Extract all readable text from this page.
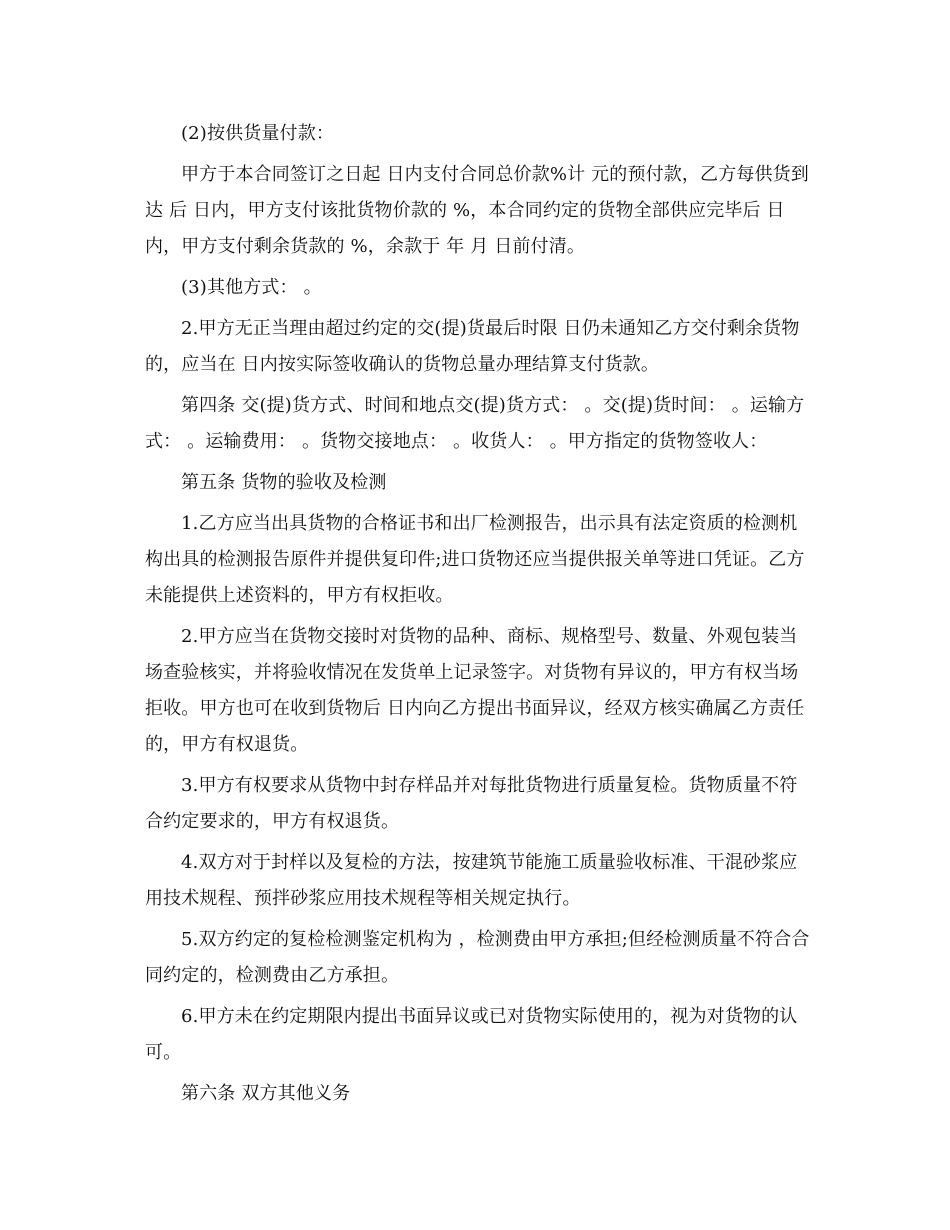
(2)按供货量付款：

甲方于本合同签订之日起 日内支付合同总价款%计 元的预付款，乙方每供货到达 后 日内，甲方支付该批货物价款的 %，本合同约定的货物全部供应完毕后 日内，甲方支付剩余货款的 %，余款于 年 月 日前付清。

(3)其他方式： 。

2.甲方无正当理由超过约定的交(提)货最后时限 日仍未通知乙方交付剩余货物的，应当在 日内按实际签收确认的货物总量办理结算支付货款。

第四条 交(提)货方式、时间和地点交(提)货方式： 。交(提)货时间： 。运输方式： 。运输费用： 。货物交接地点： 。收货人： 。甲方指定的货物签收人：

第五条 货物的验收及检测

1.乙方应当出具货物的合格证书和出厂检测报告，出示具有法定资质的检测机构出具的检测报告原件并提供复印件;进口货物还应当提供报关单等进口凭证。乙方未能提供上述资料的，甲方有权拒收。

2.甲方应当在货物交接时对货物的品种、商标、规格型号、数量、外观包装当场查验核实，并将验收情况在发货单上记录签字。对货物有异议的，甲方有权当场拒收。甲方也可在收到货物后 日内向乙方提出书面异议，经双方核实确属乙方责任的，甲方有权退货。

3.甲方有权要求从货物中封存样品并对每批货物进行质量复检。货物质量不符合约定要求的，甲方有权退货。

4.双方对于封样以及复检的方法，按建筑节能施工质量验收标准、干混砂浆应用技术规程、预拌砂浆应用技术规程等相关规定执行。

5.双方约定的复检检测鉴定机构为 ，检测费由甲方承担;但经检测质量不符合合同约定的，检测费由乙方承担。

6.甲方未在约定期限内提出书面异议或已对货物实际使用的，视为对货物的认可。

第六条 双方其他义务
